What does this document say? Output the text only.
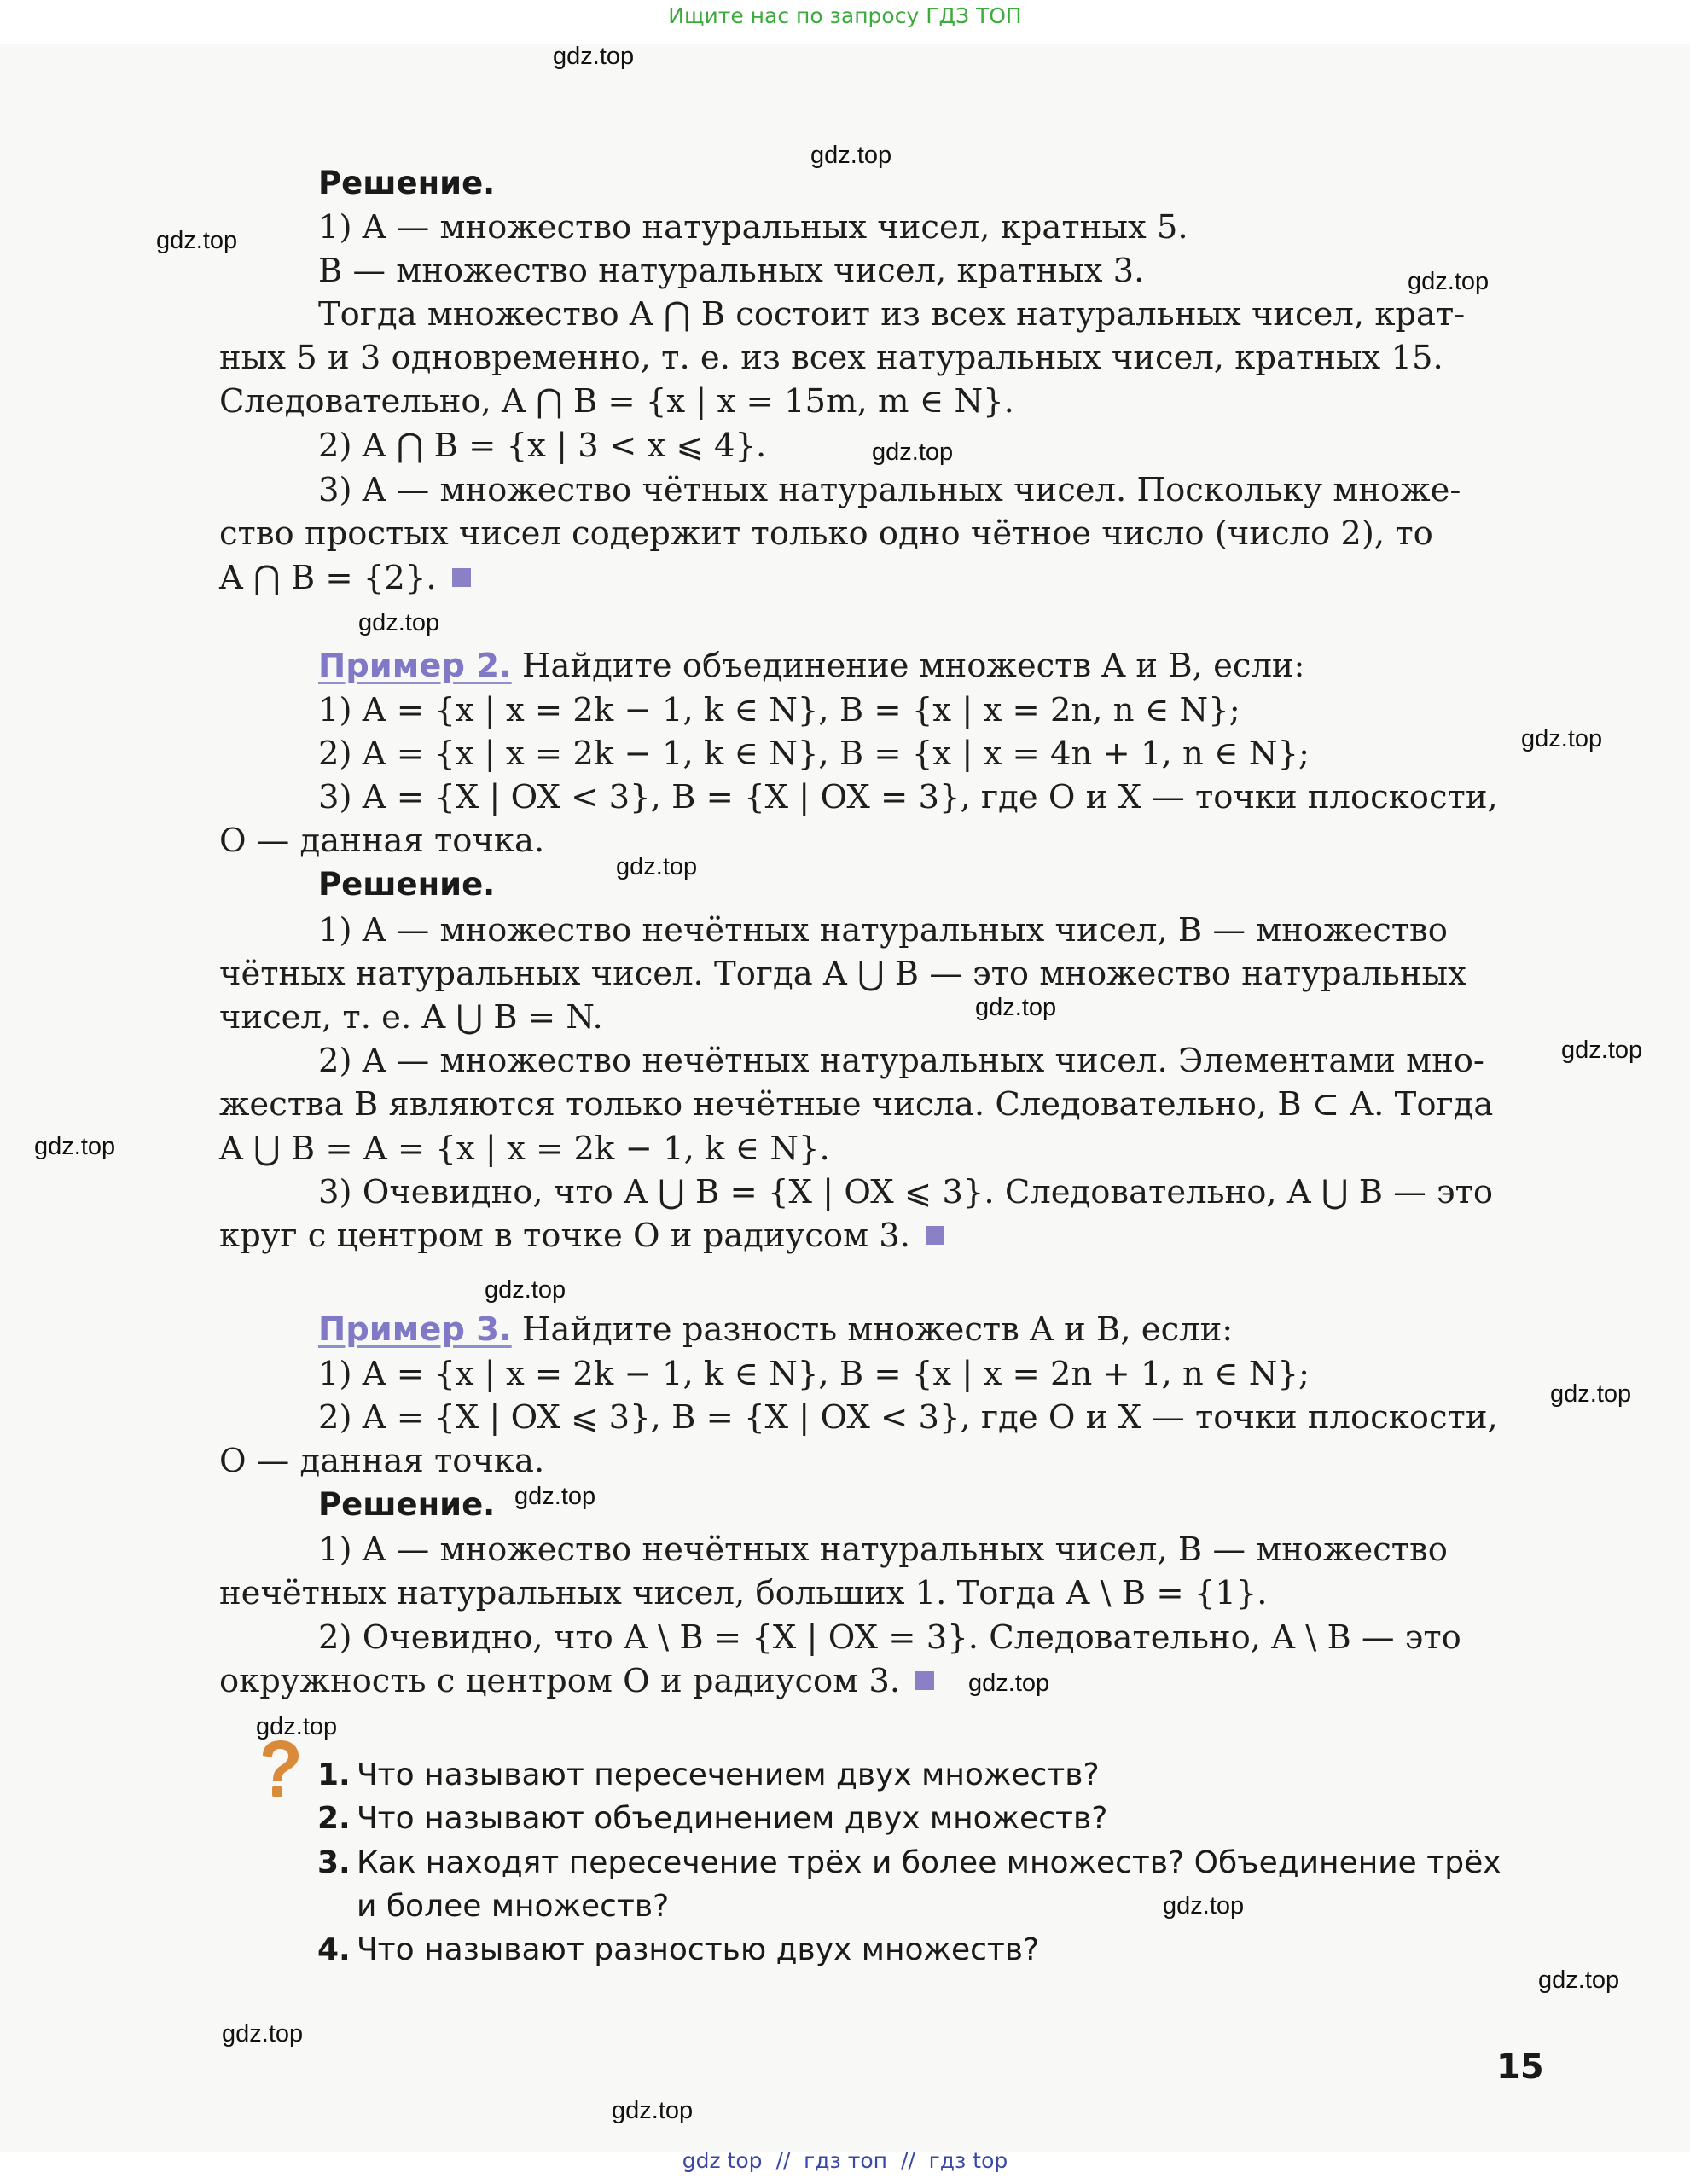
Ищите нас по запросу ГДЗ ТОП
gdz.top
gdz.top
gdz.top
gdz.top
gdz.top
gdz.top
gdz.top
gdz.top
gdz.top
gdz.top
gdz.top
gdz.top
gdz.top
gdz.top
gdz.top
gdz.top
gdz.top
gdz.top
gdz.top
gdz.top
Решение.
1) A — множество натуральных чисел, кратных 5.
B — множество натуральных чисел, кратных 3.
Тогда множество A ⋂ B состоит из всех натуральных чисел, крат-
ных 5 и 3 одновременно, т. е. из всех натуральных чисел, кратных 15.
Следовательно, A ⋂ B = {x | x = 15m, m ∈ N}.
2) A ⋂ B = {x | 3 < x ⩽ 4}.
3) A — множество чётных натуральных чисел. Поскольку множе-
ство простых чисел содержит только одно чётное число (число 2), то
A ⋂ B = {2}.
Пример 2. Найдите объединение множеств A и B, если:
1) A = {x | x = 2k − 1, k ∈ N}, B = {x | x = 2n, n ∈ N};
2) A = {x | x = 2k − 1, k ∈ N}, B = {x | x = 4n + 1, n ∈ N};
3) A = {X | OX < 3}, B = {X | OX = 3}, где O и X — точки плоскости,
O — данная точка.
Решение.
1) A — множество нечётных натуральных чисел, B — множество
чётных натуральных чисел. Тогда A ⋃ B — это множество натуральных
чисел, т. е. A ⋃ B = N.
2) A — множество нечётных натуральных чисел. Элементами мно-
жества B являются только нечётные числа. Следовательно, B ⊂ A. Тогда
A ⋃ B = A = {x | x = 2k − 1, k ∈ N}.
3) Очевидно, что A ⋃ B = {X | OX ⩽ 3}. Следовательно, A ⋃ B — это
круг с центром в точке O и радиусом 3.
Пример 3. Найдите разность множеств A и B, если:
1) A = {x | x = 2k − 1, k ∈ N}, B = {x | x = 2n + 1, n ∈ N};
2) A = {X | OX ⩽ 3}, B = {X | OX < 3}, где O и X — точки плоскости,
O — данная точка.
Решение.
1) A — множество нечётных натуральных чисел, B — множество
нечётных натуральных чисел, больших 1. Тогда A \ B = {1}.
2) Очевидно, что A \ B = {X | OX = 3}. Следовательно, A \ B — это
окружность с центром O и радиусом 3.
1. Что называют пересечением двух множеств?
2. Что называют объединением двух множеств?
3. Как находят пересечение трёх и более множеств? Объединение трёх
и более множеств?
4. Что называют разностью двух множеств?
15
gdz top  //  гдз топ  //  гдз top
